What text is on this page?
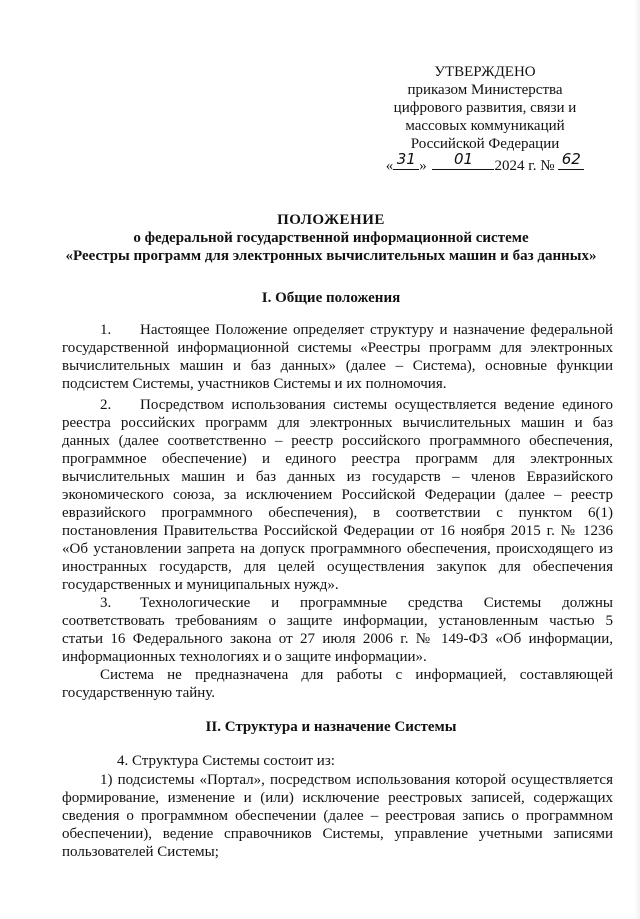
УТВЕРЖДЕНО
приказом Министерства
цифрового развития, связи и
массовых коммуникаций
Российской Федерации
« 31 »	01	2024 г. № 62
ПОЛОЖЕНИЕ
о федеральной государственной информационной системе
«Реестры программ для электронных вычислительных машин и баз данных»
I. Общие положения
1. Настоящее Положение определяет структуру и назначение федеральной
государственной информационной системы «Реестры программ для электронных
вычислительных машин и баз данных» (далее – Система), основные функции
подсистем Системы, участников Системы и их полномочия.
2. Посредством использования системы осуществляется ведение единого
реестра российских программ для электронных вычислительных машин и баз
данных (далее соответственно – реестр российского программного обеспечения,
программное обеспечение) и единого реестра программ для электронных
вычислительных машин и баз данных из государств – членов Евразийского
экономического союза, за исключением Российской Федерации (далее – реестр
евразийского программного обеспечения), в соответствии с пунктом 6(1)
постановления Правительства Российской Федерации от 16 ноября 2015 г. № 1236
«Об установлении запрета на допуск программного обеспечения, происходящего из
иностранных государств, для целей осуществления закупок для обеспечения
государственных и муниципальных нужд».
3. Технологические и программные средства Системы должны
соответствовать требованиям о защите информации, установленным частью 5
статьи 16 Федерального закона от 27 июля 2006 г. № 149-ФЗ «Об информации,
информационных технологиях и о защите информации».
Система не предназначена для работы с информацией, составляющей
государственную тайну.
II. Структура и назначение Системы
4. Структура Системы состоит из:
1) подсистемы «Портал», посредством использования которой осуществляется
формирование, изменение и (или) исключение реестровых записей, содержащих
сведения о программном обеспечении (далее – реестровая запись о программном
обеспечении), ведение справочников Системы, управление учетными записями
пользователей Системы;
